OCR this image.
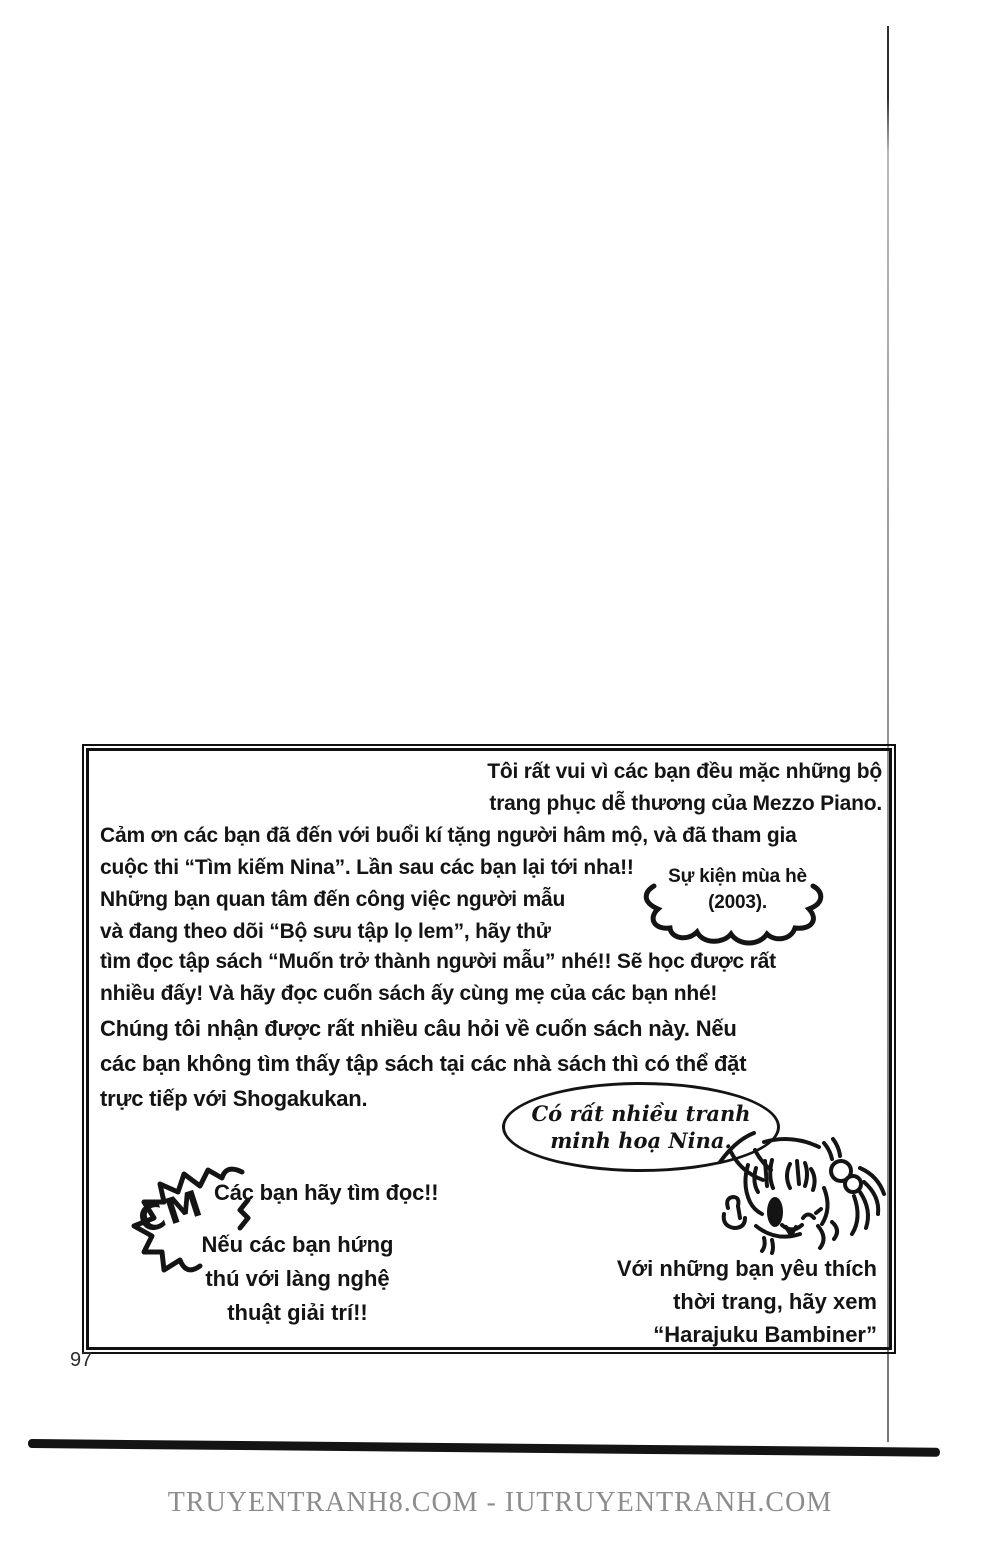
Tôi rất vui vì các bạn đều mặc những bộ
trang phục dễ thương của Mezzo Piano.
Cảm ơn các bạn đã đến với buổi kí tặng người hâm mộ, và đã tham gia
cuộc thi “Tìm kiếm Nina”. Lần sau các bạn lại tới nha!!
Những bạn quan tâm đến công việc người mẫu
và đang theo dõi “Bộ sưu tập lọ lem”, hãy thử
tìm đọc tập sách “Muốn trở thành người mẫu” nhé!! Sẽ học được rất
nhiều đấy! Và hãy đọc cuốn sách ấy cùng mẹ của các bạn nhé!
Sự kiện mùa hè
(2003).
Chúng tôi nhận được rất nhiều câu hỏi về cuốn sách này. Nếu
các bạn không tìm thấy tập sách tại các nhà sách thì có thể đặt
trực tiếp với Shogakukan.
Có rất nhiều tranh
minh hoạ Nina.
CM Các bạn hãy tìm đọc!!
Nếu các bạn hứng
thú với làng nghệ
thuật giải trí!!
Với những bạn yêu thích
thời trang, hãy xem
“Harajuku Bambiner”
97
TRUYENTRANH8.COM - IUTRUYENTRANH.COM
